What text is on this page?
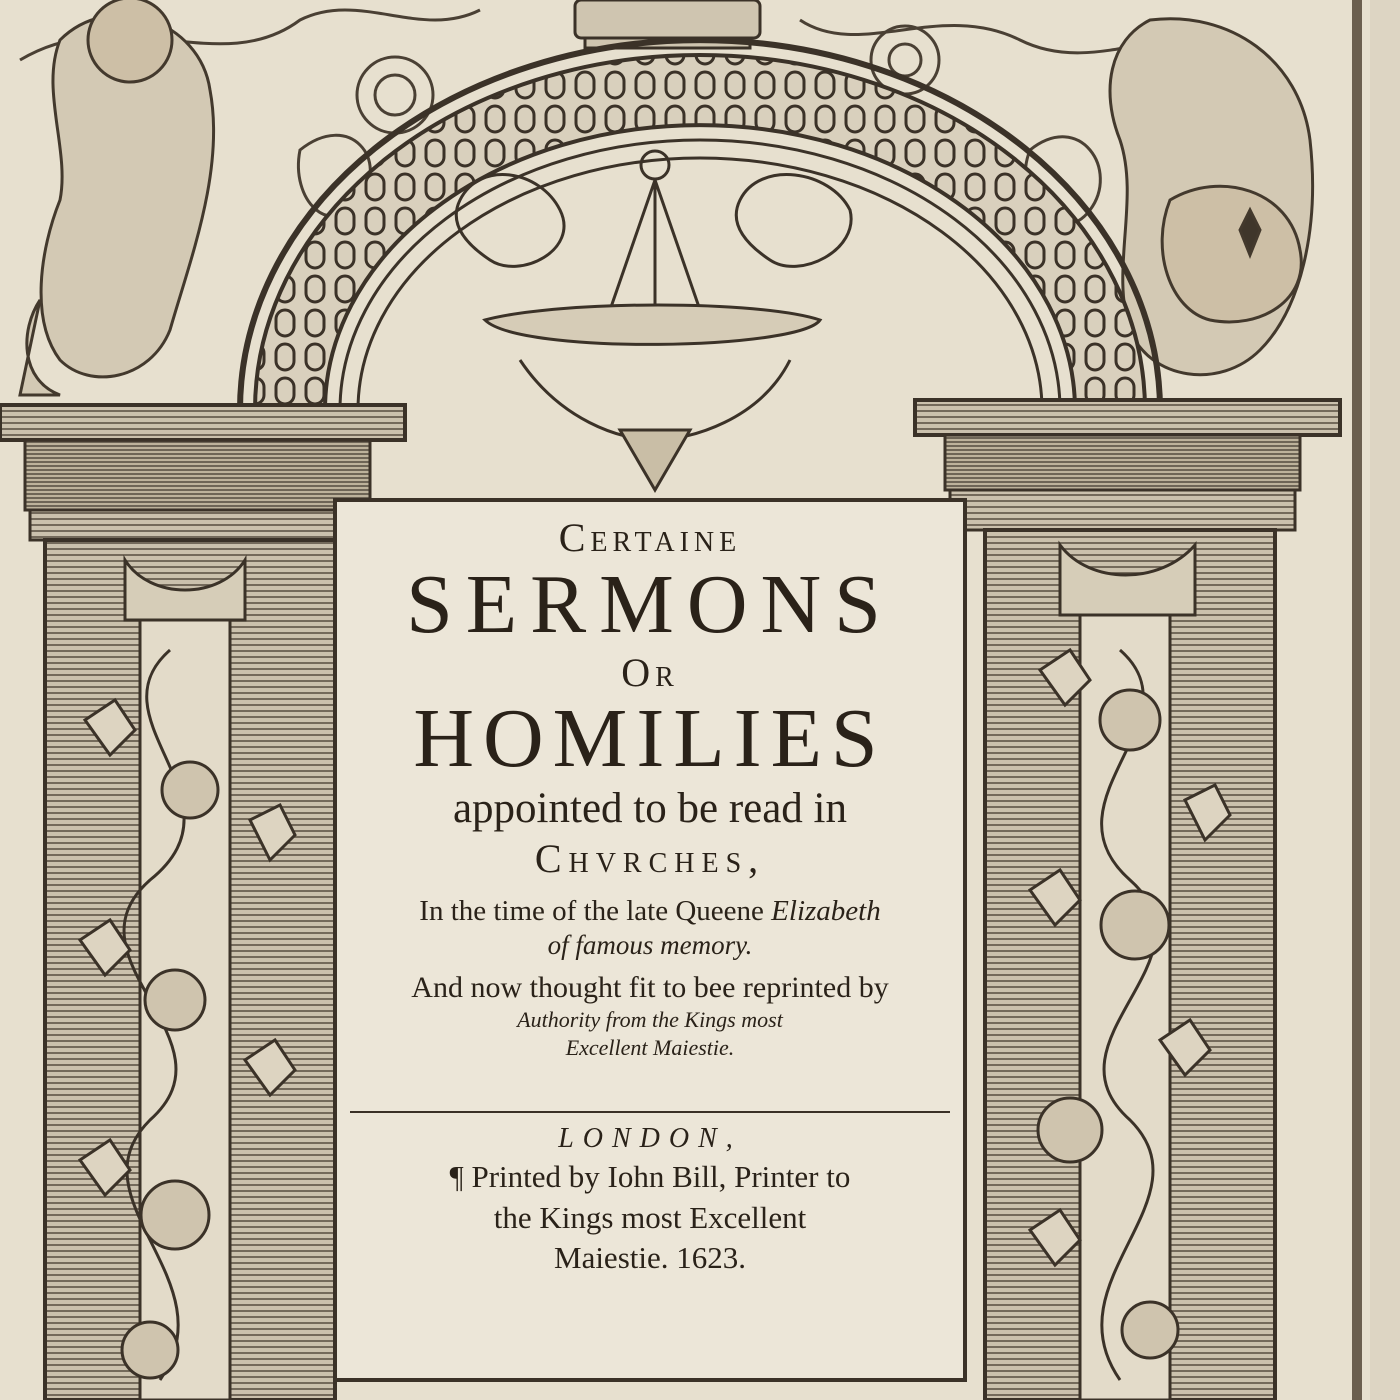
Certaine
SERMONS
Or
HOMILIES
appointed to be read in
Chvrches,
In the time of the late Queene Elizabeth
of famous memory.
And now thought fit to bee reprinted by
Authority from the Kings most
Excellent Maiestie.
LONDON,
¶ Printed by Iohn Bill, Printer to
the Kings most Excellent
Maiestie. 1623.
